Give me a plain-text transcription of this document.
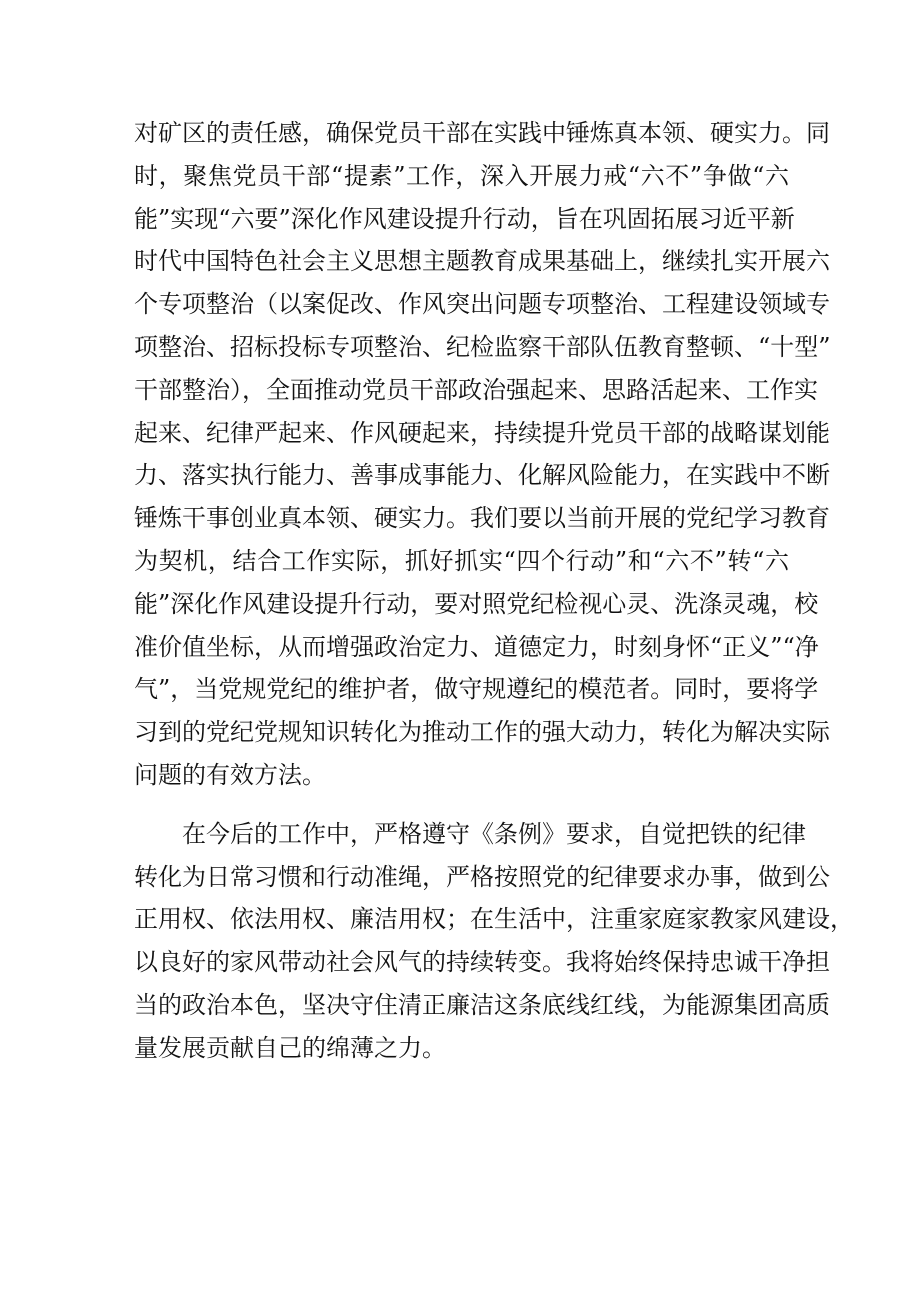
对矿区的责任感，确保党员干部在实践中锤炼真本领、硬实力。同
时，聚焦党员干部“提素”工作，深入开展力戒“六不”争做“六
能”实现“六要”深化作风建设提升行动，旨在巩固拓展习近平新
时代中国特色社会主义思想主题教育成果基础上，继续扎实开展六
个专项整治（以案促改、作风突出问题专项整治、工程建设领域专
项整治、招标投标专项整治、纪检监察干部队伍教育整顿、“十型”
干部整治），全面推动党员干部政治强起来、思路活起来、工作实
起来、纪律严起来、作风硬起来，持续提升党员干部的战略谋划能
力、落实执行能力、善事成事能力、化解风险能力，在实践中不断
锤炼干事创业真本领、硬实力。我们要以当前开展的党纪学习教育
为契机，结合工作实际，抓好抓实“四个行动”和“六不”转“六
能”深化作风建设提升行动，要对照党纪检视心灵、洗涤灵魂，校
准价值坐标，从而增强政治定力、道德定力，时刻身怀“正义”“净
气”，当党规党纪的维护者，做守规遵纪的模范者。同时，要将学
习到的党纪党规知识转化为推动工作的强大动力，转化为解决实际
问题的有效方法。
在今后的工作中，严格遵守《条例》要求，自觉把铁的纪律
转化为日常习惯和行动准绳，严格按照党的纪律要求办事，做到公
正用权、依法用权、廉洁用权；在生活中，注重家庭家教家风建设，
以良好的家风带动社会风气的持续转变。我将始终保持忠诚干净担
当的政治本色，坚决守住清正廉洁这条底线红线，为能源集团高质
量发展贡献自己的绵薄之力。
